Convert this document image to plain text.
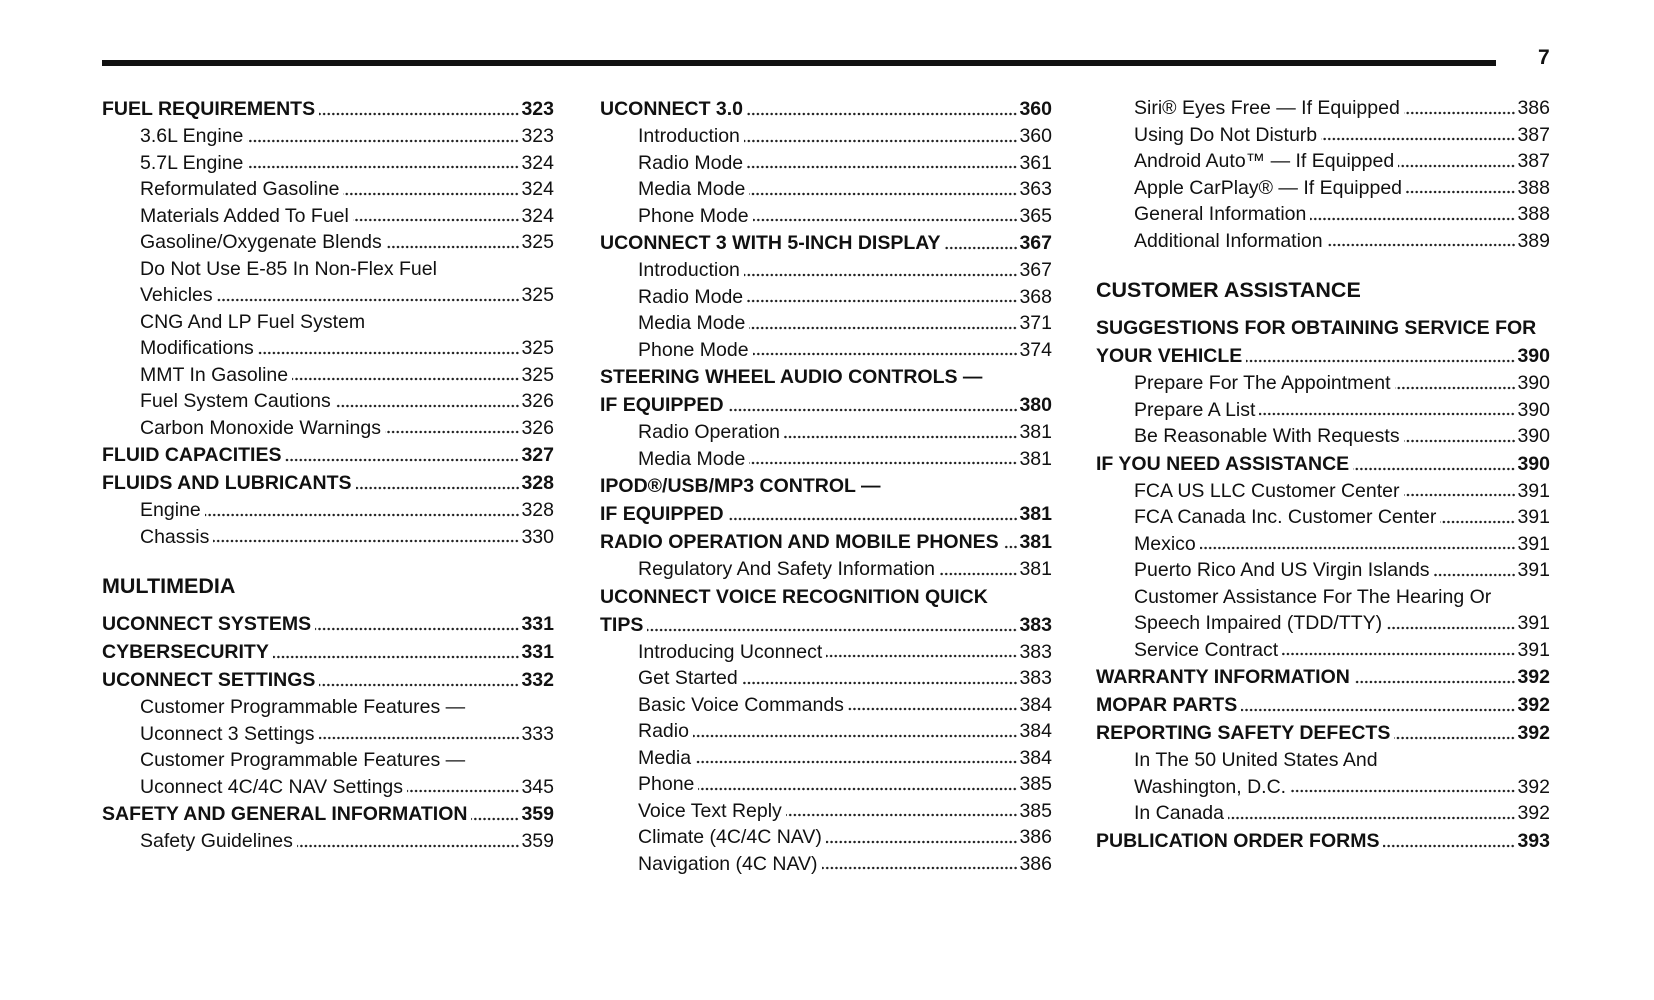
7
FUEL REQUIREMENTS	323
3.6L Engine	323
5.7L Engine	324
Reformulated Gasoline	324
Materials Added To Fuel	324
Gasoline/Oxygenate Blends	325
Do Not Use E-85 In Non-Flex Fuel
Vehicles	325
CNG And LP Fuel System
Modifications	325
MMT In Gasoline	325
Fuel System Cautions	326
Carbon Monoxide Warnings	326
FLUID CAPACITIES	327
FLUIDS AND LUBRICANTS	328
Engine	328
Chassis	330
MULTIMEDIA
UCONNECT SYSTEMS	331
CYBERSECURITY	331
UCONNECT SETTINGS	332
Customer Programmable Features —
Uconnect 3 Settings	333
Customer Programmable Features —
Uconnect 4C/4C NAV Settings	345
SAFETY AND GENERAL INFORMATION	359
Safety Guidelines	359
UCONNECT 3.0	360
Introduction	360
Radio Mode	361
Media Mode	363
Phone Mode	365
UCONNECT 3 WITH 5-INCH DISPLAY	367
Introduction	367
Radio Mode	368
Media Mode	371
Phone Mode	374
STEERING WHEEL AUDIO CONTROLS —
IF EQUIPPED	380
Radio Operation	381
Media Mode	381
IPOD®/USB/MP3 CONTROL —
IF EQUIPPED	381
RADIO OPERATION AND MOBILE PHONES 381
Regulatory And Safety Information	381
UCONNECT VOICE RECOGNITION QUICK
TIPS	383
Introducing Uconnect	383
Get Started	383
Basic Voice Commands	384
Radio	384
Media	384
Phone	385
Voice Text Reply	385
Climate (4C/4C NAV)	386
Navigation (4C NAV)	386
Siri® Eyes Free — If Equipped	386
Using Do Not Disturb	387
Android Auto™ — If Equipped	387
Apple CarPlay® — If Equipped	388
General Information	388
Additional Information	389
CUSTOMER ASSISTANCE
SUGGESTIONS FOR OBTAINING SERVICE FOR
YOUR VEHICLE	390
Prepare For The Appointment	390
Prepare A List	390
Be Reasonable With Requests	390
IF YOU NEED ASSISTANCE	390
FCA US LLC Customer Center	391
FCA Canada Inc. Customer Center	391
Mexico	391
Puerto Rico And US Virgin Islands	391
Customer Assistance For The Hearing Or
Speech Impaired (TDD/TTY)	391
Service Contract	391
WARRANTY INFORMATION	392
MOPAR PARTS	392
REPORTING SAFETY DEFECTS	392
In The 50 United States And
Washington, D.C.	392
In Canada	392
PUBLICATION ORDER FORMS	393
